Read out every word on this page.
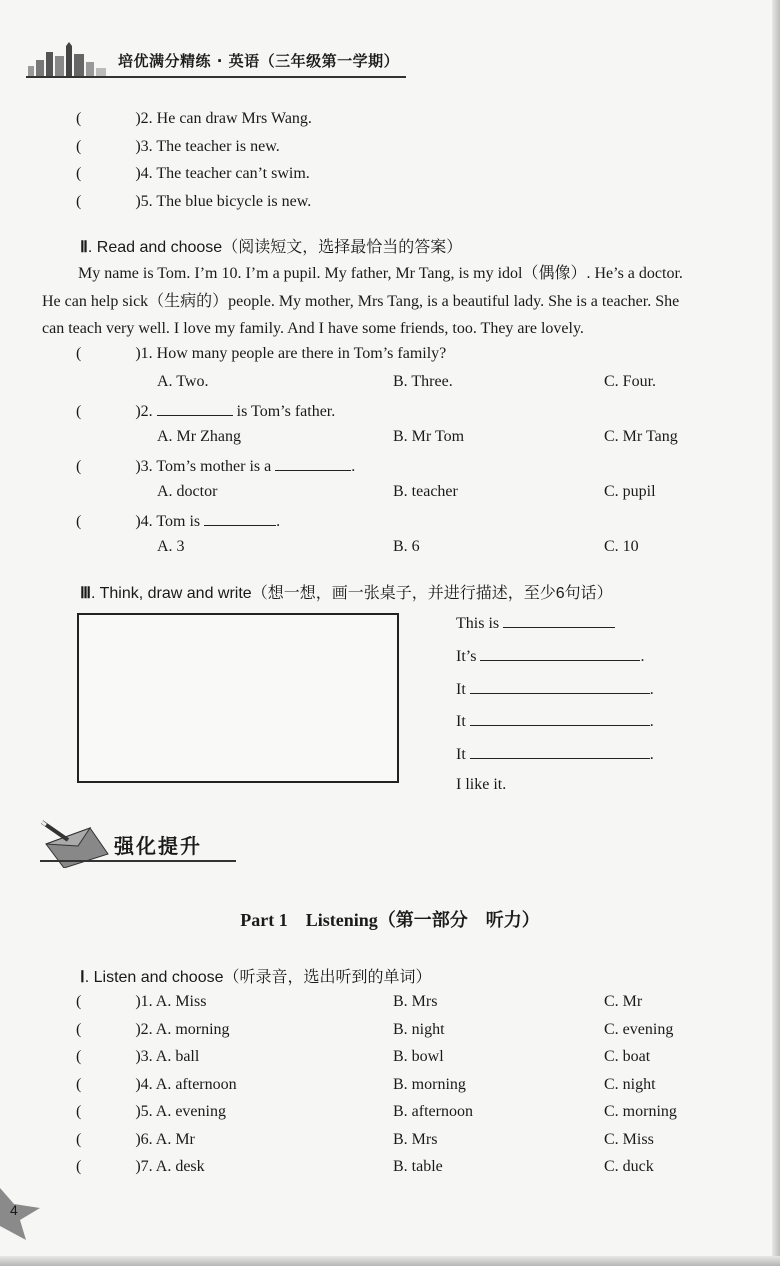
培优满分精练 · 英语（三年级第一学期）
(	)2. He can draw Mrs Wang.
(	)3. The teacher is new.
(	)4. The teacher can’t swim.
(	)5. The blue bicycle is new.
Ⅱ. Read and choose（阅读短文，选择最恰当的答案）
My name is Tom. I’m 10. I’m a pupil. My father, Mr Tang, is my idol（偶像）. He’s a doctor.
He can help sick（生病的）people. My mother, Mrs Tang, is a beautiful lady. She is a teacher. She
can teach very well. I love my family. And I have some friends, too. They are lovely.
(	)1. How many people are there in Tom’s family?
A. Two.	B. Three.	C. Four.
(	)2.	is Tom’s father.
A. Mr Zhang	B. Mr Tom	C. Mr Tang
(	)3. Tom’s mother is a	.
A. doctor	B. teacher	C. pupil
(	)4. Tom is	.
A. 3	B. 6	C. 10
Ⅲ. Think, draw and write（想一想，画一张桌子，并进行描述，至少6句话）
This is
It’s	.
It	.
It	.
It	.
I like it.
强化提升
Part 1　Listening（第一部分　听力）
Ⅰ. Listen and choose（听录音，选出听到的单词）
(	)1. A. Miss	B. Mrs	C. Mr
(	)2. A. morning	B. night	C. evening
(	)3. A. ball	B. bowl	C. boat
(	)4. A. afternoon	B. morning	C. night
(	)5. A. evening	B. afternoon	C. morning
(	)6. A. Mr	B. Mrs	C. Miss
(	)7. A. desk	B. table	C. duck
4
